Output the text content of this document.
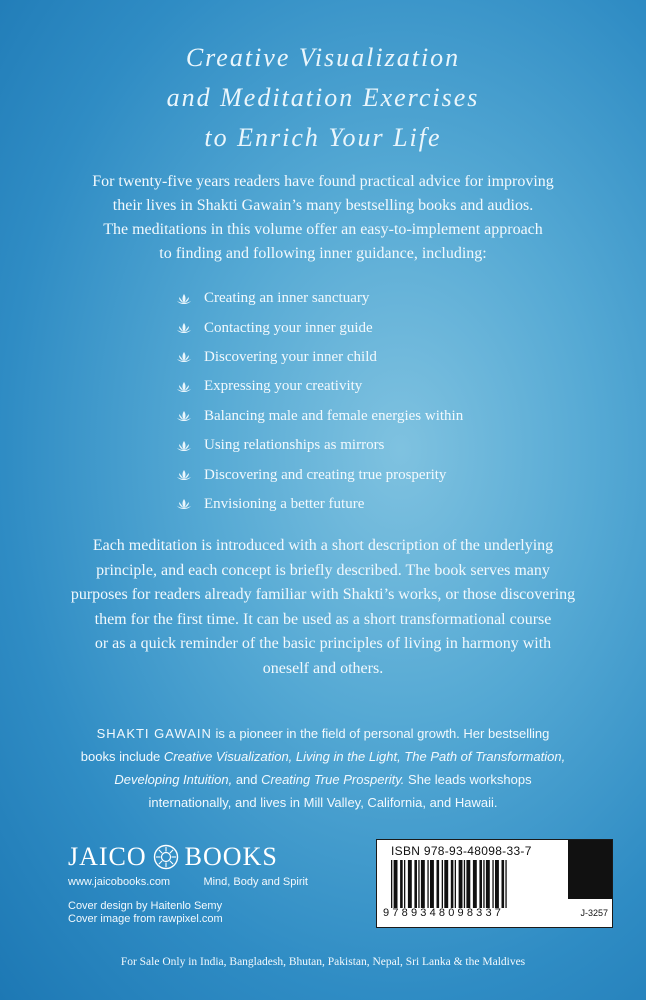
Creative Visualization
and Meditation Exercises
to Enrich Your Life
For twenty-five years readers have found practical advice for improving
their lives in Shakti Gawain’s many bestselling books and audios.
The meditations in this volume offer an easy-to-implement approach
to finding and following inner guidance, including:
Creating an inner sanctuary
Contacting your inner guide
Discovering your inner child
Expressing your creativity
Balancing male and female energies within
Using relationships as mirrors
Discovering and creating true prosperity
Envisioning a better future
Each meditation is introduced with a short description of the underlying
principle, and each concept is briefly described. The book serves many
purposes for readers already familiar with Shakti’s works, or those discovering
them for the first time. It can be used as a short transformational course
or as a quick reminder of the basic principles of living in harmony with
oneself and others.
SHAKTI GAWAIN is a pioneer in the field of personal growth. Her bestselling
books include Creative Visualization, Living in the Light, The Path of Transformation,
Developing Intuition, and Creating True Prosperity. She leads workshops
internationally, and lives in Mill Valley, California, and Hawaii.
JAICO BOOKS
www.jaicobooks.com	Mind, Body and Spirit
Cover design by Haitenlo Semy
Cover image from rawpixel.com
ISBN 978-93-48098-33-7
9789348098337	J-3257
For Sale Only in India, Bangladesh, Bhutan, Pakistan, Nepal, Sri Lanka & the Maldives
